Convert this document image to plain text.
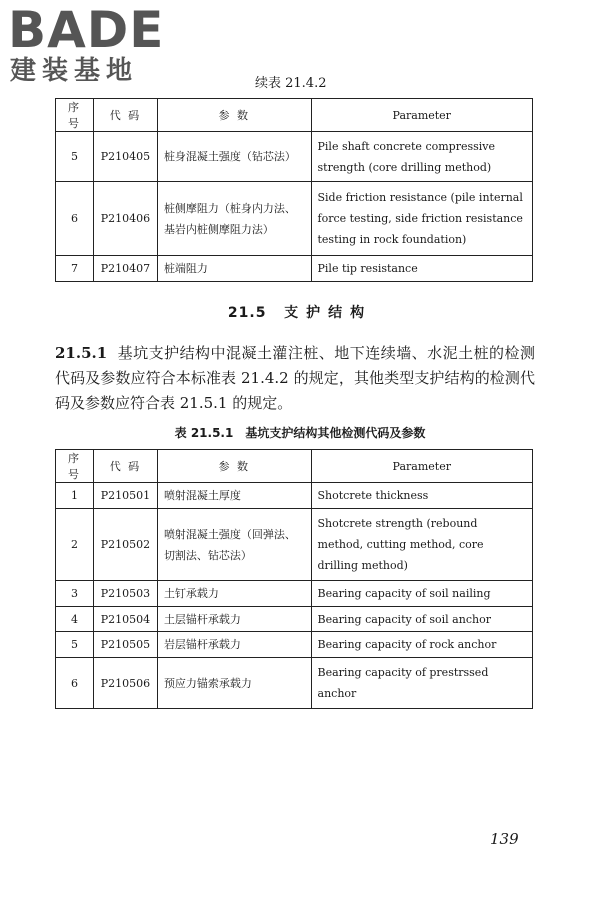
BADE
建装基地	续表 21.4.2
序号	代 码	参 数	Parameter
5	P210405	桩身混凝土强度（钻芯法）	Pile shaft concrete compressive strength (core drilling method)
6	P210406	桩侧摩阻力（桩身内力法、基岩内桩侧摩阻力法）	Side friction resistance (pile internal force testing, side friction resistance testing in rock foundation)
7	P210407	桩端阻力	Pile tip resistance
21.5 支护结构
21.5.1 基坑支护结构中混凝土灌注桩、地下连续墙、水泥土桩的检测代码及参数应符合本标准表 21.4.2 的规定，其他类型支护结构的检测代码及参数应符合表 21.5.1 的规定。
表 21.5.1　基坑支护结构其他检测代码及参数
序号	代 码	参 数	Parameter
1	P210501	喷射混凝土厚度	Shotcrete thickness
2	P210502	喷射混凝土强度（回弹法、切割法、钻芯法）	Shotcrete strength (rebound method, cutting method, core drilling method)
3	P210503	土钉承载力	Bearing capacity of soil nailing
4	P210504	土层锚杆承载力	Bearing capacity of soil anchor
5	P210505	岩层锚杆承载力	Bearing capacity of rock anchor
6	P210506	预应力锚索承载力	Bearing capacity of prestrssed anchor
139
